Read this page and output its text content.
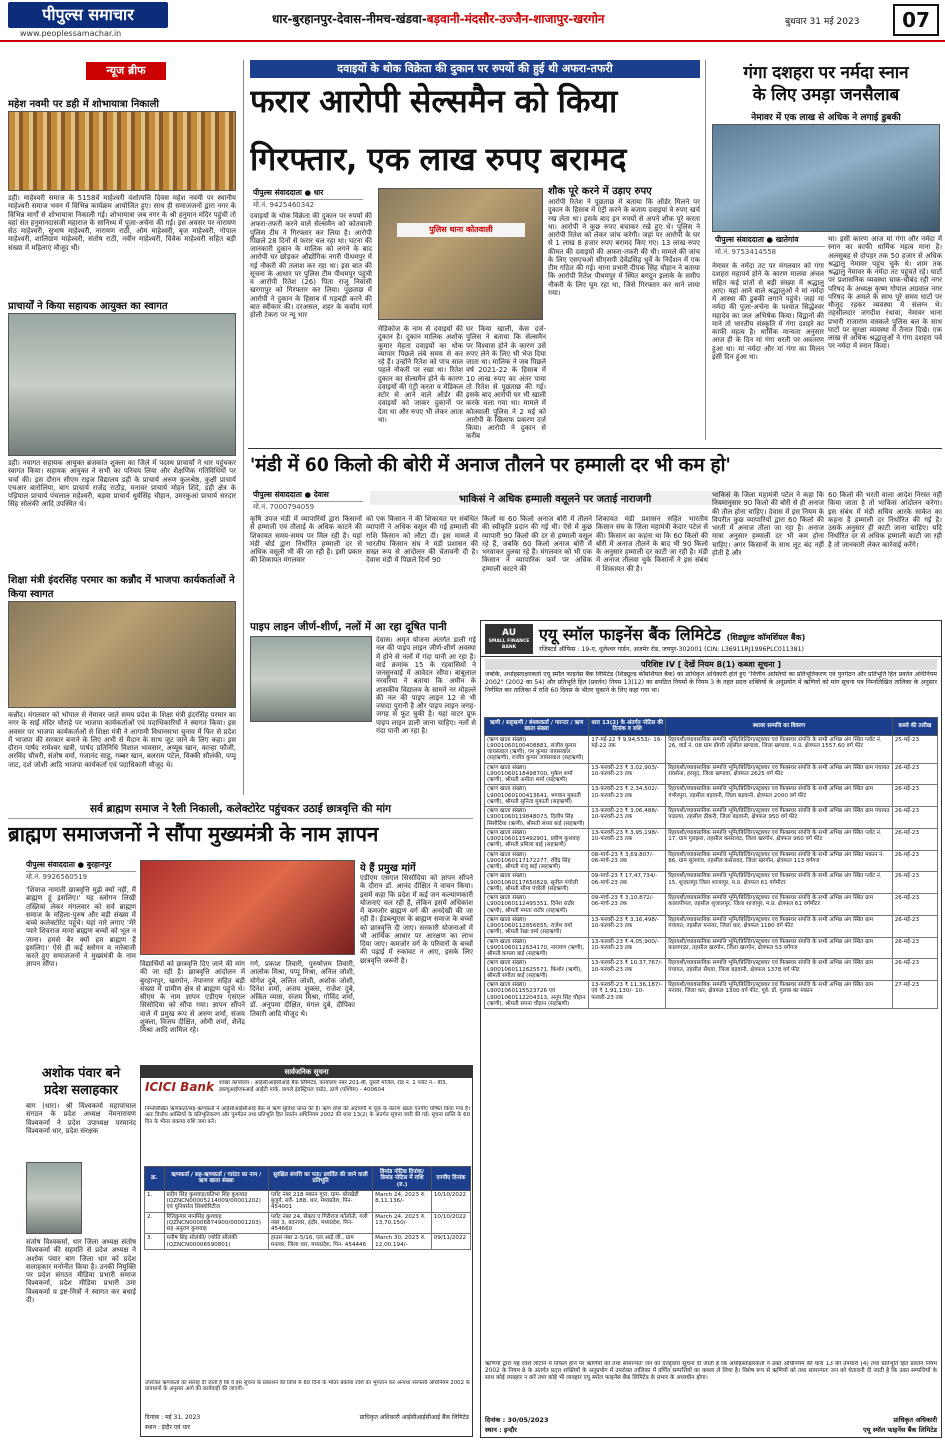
पीपुल्स समाचार
www.peoplessamachar.in
धार-बुरहानपुर-देवास-नीमच-खंडवा-बड़वानी-मंदसौर-उज्जैन-शाजापुर-खरगोन	बुधवार 31 मई 2023	07
न्यूज ब्रीफ
महेश नवमी पर डही में शोभायात्रा निकाली
डही। माहेश्वरी समाज के 5158वें माहेश्वरी वंशोत्पत्ति दिवस महेश नवमी पर स्थानीय माहेश्वरी समाज भवन में विभिन्न कार्यक्रम आयोजित हुए। साथ ही समाजजनों द्वारा नगर के विभिन्न मार्गों से शोभायात्रा निकाली गई। शोभायात्रा जब नगर के श्री हनुमान मंदिर पहुंची तो वहां संत हनुमानदासजी महाराज के सानिध्य में पूजा-अर्चना की गई। इस अवसर पर नारायण सेठ माहेश्वरी, सुभाष माहेश्वरी, नारायण राठी, ओम माहेश्वरी, बृज माहेश्वरी, गोपाल माहेश्वरी, शालिग्राम माहेश्वरी, संतोष राठी, नवीन माहेश्वरी, विवेक माहेश्वरी सहित बड़ी संख्या में महिलाएं मौजूद थीं।
प्राचार्यों ने किया सहायक आयुक्त का स्वागत
डही। नवागत सहायक आयुक्त ब्रजकांत शुक्ला का जिले में पदस्थ प्राचार्यों ने धार पहुंचकर स्वागत किया। सहायक आयुक्त ने सभी का परिचय लिया और शैक्षणिक गतिविधियों पर चर्चा की। इस दौरान सीएम राइज विद्यालय डही के प्राचार्य अरुण कुलश्रेष्ठ, कुक्षी प्राचार्य एचआर बारोलिया, बाग प्राचार्य राजेंद्र राठौड़, मनावर प्राचार्य मोहन शिंदे, डही क्षेत्र के पड़ियाल प्राचार्य पंचलाल महेश्वरी, बड़वा प्राचार्य धुर्वसिंह चौहान, उमरकुआं प्राचार्य सरदार सिंह सोलंकी आदि उपस्थित थे।
शिक्षा मंत्री इंदरसिंह परमार का कन्नौद में भाजपा कार्यकर्ताओं ने किया स्वागत
कन्नौद। मंगलवार को भोपाल से नेमावर जाते समय प्रदेश के शिक्षा मंत्री इंदरसिंह परमार का नगर के साईं मंदिर चौराहे पर भाजपा कार्यकर्ताओं एवं पदाधिकारियों ने स्वागत किया। इस अवसर पर भाजपा कार्यकर्ताओं से शिक्षा मंत्री ने आगामी विधानसभा चुनाव में फिर से प्रदेश में भाजपा की सरकार बनाने के लिए अभी से मैदान के साथ जुट जाने के लिए कहा। इस दौरान पार्षद रामेश्वर खत्री, पार्षद प्रतिनिधि विशाल भावसार, अय्यूब खान, कान्हा फौजी, अरविंद चौधरी, संतोष वर्मा, गजानंद साहू, गब्बर खान, बलराम पटेल, विक्की सौलंकी, पप्पू जाट, दर्श जोशी आदि भाजपा कार्यकर्ता एवं पदाधिकारी मौजूद थे।
दवाइयों के थोक विक्रेता की दुकान पर रुपयों की हुई थी अफरा-तफरी
फरार आरोपी सेल्समैन को किया
गिरफ्तार, एक लाख रुपए बरामद
पीपुल्स संवाददाता ● धार
मो.नं. 9425460342
पुलिस थाना कोतवाली
दवाइयों के थोक विक्रेता की दुकान पर रुपयों की अफरा-तफरी करने वाले सेल्समैन को कोतवाली पुलिस टीम ने गिरफ्तार कर लिया है। आरोपी पिछले 28 दिनों से फरार चल रहा था। घटना की जानकारी दुकान के मालिक को लगने के बाद आरोपी घर छोड़कर औद्योगिक नगरी पीथमपुर में गई नौकरी की तलाश कर रहा था। इस बात की सूचना के आधार पर पुलिस टीम पीथमपुर पहुंची व आरोपी रितेश (26) पिता राजू निवासी खरगापुर को गिरफ्तार कर लिया। पूछताछ में आरोपी ने दुकान के हिसाब में गड़बड़ी करने की बात स्वीकार की। दरअसल, शहर के कर्वाय मार्ग होली टेकरा पर न्यू भार
मेडिकोज के नाम से दवाइयों की दुकान है। दुकान मालिक अशोक कुमार मेहता दवाइयों का थोक व्यापार पिछले लंबे समय से कर रहे हैं। उन्होंने रितेश को पांच साल पहले नौकरी पर रखा था। रितेश दुकान का सेल्समैन होने के कारण दवाइयों की एंट्री करता व मेडिकल स्टोर से आने वाले ऑर्डर की दवाइयों को जाकर दुकानों पर देता था और रुपए भी लेकर आता था।
घर किया खाली, केस दर्ज- पुलिस ने बताया कि सेल्समैन पर विश्वास होने के कारण उसे रुपए लेने के लिए भी भेज दिया जाता था। मालिक ने जब पिछले वर्ष 2021-22 के हिसाब में 10 लाख रुपए का अंतर पाया तो रितेश से पूछताछ की गई। इसके बाद आरोपी घर भी खाली करके चला गया था। मामले में कोतवाली पुलिस ने 2 मई को आरोपी के खिलाफ प्रकरण दर्ज किया। आरोपी ने दुकान से करीब
शौक पूरे करने में उड़ाए रुपए
आरोपी रितेश ने पूछताछ में बताया कि ऑर्डर मिलने पर दुकान के हिसाब में एंट्री करने के बजाय दवाइयां वे रुपए खर्च रख लेता था। इसके बाद इन रुपयों से अपने शौक पूरे करता था। आरोपी ने कुछ रुपए बचाकर रखे हुए थे। पुलिस ने आरोपी रितेश को लेकर जांच करेगी। जहां पर आरोपी के घर से 1 लाख 8 हजार रुपए बरामद किए गए। 13 लाख रुपए कीमत की दवाइयों की अफरा-तफरी की थी। मामले की जांच के लिए एसएचओ सीएसपी देवेंद्रसिंह धुर्वे के निर्देशन में एक टीम गठित की गई। थाना प्रभारी दीपक सिंह चौहान ने बताया कि आरोपी रितेश पीथमपुर में स्थित बगदून इलाके के समीप नौकरी के लिए घूम रहा था, जिसे गिरफ्तार कर थाने लाया गया।
गंगा दशहरा पर नर्मदा स्नान
के लिए उमड़ा जनसैलाब
नेमावर में एक लाख से अधिक ने लगाई डुबकी
पीपुल्स संवाददाता ● खातेगांव
मो.नं. 9753414558
नेमावर के नर्मदा तट पर मंगलवार को गंगा दशहरा महापर्व होने के कारण मालवा अंचल सहित कई प्रांतों से बड़ी संख्या में श्रद्धालु आए। यहां आने वाले श्रद्धालुओं ने मां नर्मदा में आस्था की डुबकी लगाने पहुंचे। जहां मां नर्मदा की पूजा-अर्चना के पश्चात सिद्धेश्वर महादेव का जल अभिषेक किया। विद्वानों की माने तो भारतीय संस्कृति में गंगा दशहरे का काफी महत्व है। धार्मिक मान्यता अनुसार आज ही के दिन मां गंगा धरती पर अवतरण हुआ था। मां नर्मदा और मां गंगा का मिलन इसी दिन हुआ था।
था। इसी कारण आज मां गंगा और नर्मदा में स्नान का काफी धार्मिक महत्व माना है। अलसुबह से दोपहर तक 50 हजार से अधिक श्रद्धालु नेमावर पहुंच चुके थे। शाम तक श्रद्धालु नेमावर के नर्मदा तट पहुंचते रहे। घाटों पर प्रशासनिक व्यवस्था चाक-चौबंद रही नगर परिषद के अध्यक्ष कृष्ण गोपाल अग्रवाल नगर परिषद के अमले के साथ पूरे समय घाटों पर मौजूद रहकर व्यवस्था में संलग्न थे। तहसीलदार जगदीश रंधावा, नेमावर थाना प्रभारी राजाराम वास्कले पुलिस बल के साथ घाटों पर सुरक्षा व्यवस्था में तैनात दिखे। एक लाख से अधिक श्रद्धालुओं ने गंगा दशहरा पर्व पर नर्मदा में स्नान किया।
'मंडी में 60 किलो की बोरी में अनाज तौलने पर हम्माली दर भी कम हो'
पीपुल्स संवाददाता ● देवास
मो.नं. 7000794059
भाकिसं ने अधिक हम्माली वसूलने पर जताई नाराजगी
कृषि उपज मंडी में व्यापारियों द्वारा किसानों से हम्माली एवं तौलाई के अधिक काटने की शिकायत समय-समय पर मिल रही है। यहां मंडी बोर्ड द्वारा निर्धारित हम्माली दर से अधिक वसूली भी की जा रही है। इसी प्रकार की शिकायत मंगलवार
को एक किसान ने की शिकायत पर संबंधित व्यापारी ने अधिक वसूल की गई हम्माली की राशि किसान को लौटा दी। इस मामले में भारतीय किसान संघ ने मंडी प्रशासन की सख्त रूप से आंदोलन की चेतावनी दी है। देवास मंडी में पिछले दिनों 90
किलो या 60 किलो अनाज बोरी में तौलने की स्वीकृति प्रदान की गई थी। ऐसे में कुछ व्यापारी 90 किलो की दर से हम्माली वसूल रहे हैं, जबकि 60 किलो अनाज बोरी में भरवाकर तुलवा रहे हैं। मंगलवार को भी एक किसान ने व्यापारिक फर्म पर अधिक हम्माली काटने की
शिकायत मंडी प्रशासन सहित भारतीय किसान संघ के जिला महामंत्री केदार पटेल से की। किसान का कहना था कि 60 किलो की बोरी में अनाज तौलने के बाद भी 90 किलो के अनुसार हम्माली दर काटी जा रही है। मंडी में अनाज तौलवा चुके किसानों ने इस संबंध में शिकायत की है।
भाकिसं के जिला महामंत्री पटेल ने कहा कि नियमानुसार 90 किलो की बोरी से ही अनाज की तौल होना चाहिए। देवास में इस नियम के विपरीत कुछ व्यापारियों द्वारा 60 किलो की भरती में अनाज तौला जा रहा है। अनाज मात्रा अनुसार हम्माली दर भी कम होना चाहिए। अगर किसानों के साथ लूट बंद नहीं होती है और
60 किलो की भरती वाला आदेश निरस्त नहीं किया जाता है तो भाकिसं आंदोलन करेगा। इस संबंध में मंडी सचिव आरके साकेत का कहना है हम्माली दर निर्धारित की गई है। उसके अनुसार ही काटी जाना चाहिए। यदि निर्धारित दर से अधिक हम्माली काटी जा रही है तो जानकारी लेकर कार्रवाई करेंगे।
पाइप लाइन जीर्ण-शीर्ण, नलों में आ रहा दूषित पानी
देवास। अमृत योजना अंतर्गत डाली गई नल की पाइप लाइन जीर्ण-शीर्ण अवस्था में होने से नलों में गंदा पानी आ रहा है। वार्ड क्रमांक 15 के रहवासियों ने जनसुनवाई में आवेदन सौंपा। बाबूलाल नरवरिया ने बताया कि अमीन के शासकीय विद्यालय के सामने नर मोहल्ले की नल की पाइप लाइन 12 से भी ज्यादा पुरानी है और पाइप लाइन जगह-जगह से फूट चुकी है। यहां वाटर प्रूफ पाइप लाइन डाली जाना चाहिए। नलों से गंदा पानी आ रहा है।
AU
SMALL FINANCE BANK
एयू स्मॉल फाइनेंस बैंक लिमिटेड (शिड्यूल्ड कॉमर्शियल बैंक)
रजिस्टर्ड ऑफिस : 19-ए, धूलेश्वर गार्डन, अजमेर रोड, जयपुर-302001 (CIN: L36911RJ1996PLC011381)
परिशिष्ट IV [ देखें नियम 8(1) कब्जा सूचना ]
जबकि, अधोहस्ताक्षरकर्ता एयू स्मॉल फाइनेंस बैंक लिमिटेड (शिड्यूल्ड कॉमर्शियल बैंक) का प्राधिकृत अधिकारी होते हुए "वित्तीय आस्तियों का प्रतिभूतिकरण एवं पुनर्गठन और प्रतिभूति हित प्रवर्तन अधिनियम 2002" (2002 का 54) और प्रतिभूति हित (प्रवर्तन) नियम 13(12) का सपठित नियमों के नियम 3 के तहत प्रदत्त शक्तियों के अनुप्रयोग में ऋणियों को मांग सूचना पत्र निम्नलिखित तालिका के अनुसार निर्गमित कर तालिका में राशि 60 दिवस के भीतर चुकाने के लिए कहा गया था।
ऋणी / सह्ऋणी / बंधककर्ता / गारन्टर / ऋण खाता संख्या	धारा 13(2) के अंतर्गत नोटिस की दिनांक व राशि	स्थावर सम्पत्ति का विवरण	कब्जे की तारीख
(ऋण खाता संख्या) L9001060100408881, संजीव कुमार जायसवाल (ऋणी), एम कुमार जायसवाल (सहऋणी), राजीव कुमार जायसवाल (सहऋणी)	17-मई-22 ₹ 9,94,553/- 16-मई-22 तक	रिहायशी/व्यावसायिक सम्पत्ति भूमि/बिल्डिंग/स्ट्रक्चर एवं फिक्स्चर संपत्ति के सभी अभिन्न अंग स्थित प्लॉट नं. 26, वार्ड नं. 08 ग्राम डोंगरी तहसील खण्डवा, जिला खण्डवा, म.प्र. क्षेत्रफल 1557.60 वर्ग फीट	25-मई-23
(ऋण खाता संख्या) L9001060118498700, मुकेश शर्मा (ऋणी), श्रीमती अनीता शर्मा (सहऋणी)	13-फरवरी-23 ₹ 3,02,903/- 10-फरवरी-23 तक	रिहायशी/व्यावसायिक सम्पत्ति भूमि/बिल्डिंग/स्ट्रक्चर एवं फिक्स्चर संपत्ति के सभी अभिन्न अंग स्थित ग्राम पंचायत रायसेना, हरसूद, जिला खण्डवा, क्षेत्रफल 2625 वर्ग फीट	26-मई-23
(ऋण खाता संख्या) L9001060100413641, भगवान मुकाती (ऋणी), श्रीमती सुनिता मुकाती (सहऋणी)	13-फरवरी-23 ₹ 2,34,502/- 10-फरवरी-23 तक	रिहायशी/व्यावसायिक सम्पत्ति भूमि/बिल्डिंग/स्ट्रक्चर एवं फिक्स्चर संपत्ति के सभी अभिन्न अंग स्थित ग्राम गंभीरपुरा, तहसील बड़वानी, जिला बड़वानी, क्षेत्रफल 2000 वर्ग फीट	26-मई-23
(ऋण खाता संख्या) L9001060119848073, दिलीप सिंह सिसौदिया (ऋणी), श्रीमती संध्या बाई (सहऋणी)	13-फरवरी-23 ₹ 3,06,488/- 10-फरवरी-23 तक	रिहायशी/व्यावसायिक सम्पत्ति भूमि/बिल्डिंग/स्ट्रक्चर एवं फिक्स्चर संपत्ति के सभी अभिन्न अंग स्थित ग्राम पंचायत पाडल्या, तहसील ठीकरी, जिला बड़वानी, क्षेत्रफल 950 वर्ग फीट	26-मई-23
(ऋण खाता संख्या) L9001060115492901, प्रवीण कुशवाह (ऋणी), श्रीमती प्रमिला बाई (सहऋणी)	13-फरवरी-23 ₹ 3,95,198/- 10-फरवरी-23 तक	रिहायशी/व्यावसायिक सम्पत्ति भूमि/बिल्डिंग/स्ट्रक्चर एवं फिक्स्चर संपत्ति के सभी अभिन्न अंग स्थित प्लॉट नं. 17, ग्राम गुलझरा, तहसील कसरावद, जिला खरगोन, क्षेत्रफल 960 वर्ग फीट	26-मई-23
(ऋण खाता संख्या) L9001060117172277, रविंद्र सिंह (ऋणी), श्रीमती मंजू बाई (सहऋणी)	08-मार्च-23 ₹ 3,69,807/- 06-मार्च-23 तक	रिहायशी/व्यावसायिक सम्पत्ति भूमि/बिल्डिंग/स्ट्रक्चर एवं फिक्स्चर संपत्ति के सभी अभिन्न अंग स्थित मकान नं. 86, ग्राम सुलगांव, तहसील कसरावद, जिला खरगोन, क्षेत्रफल 113 वर्गगज	26-मई-23
(ऋण खाता संख्या) L9001060117650829, सुनील पंचोली (ऋणी), श्रीमती सीमा पंचोली (सहऋणी)	09-मार्च-23 ₹ 17,47,734/- 06-मार्च-23 तक	रिहायशी/व्यावसायिक सम्पत्ति भूमि/बिल्डिंग/स्ट्रक्चर एवं फिक्स्चर संपत्ति के सभी अभिन्न अंग स्थित प्लॉट नं. 15, शुजालपुर जिला शाजापुर, म.प्र. क्षेत्रफल 61 वर्गमीटर	26-मई-23
(ऋण खाता संख्या) L9001060112495351, दिनेश राठौर (ऋणी), श्रीमती ममता राठौर (सहऋणी)	09-मार्च-23 ₹ 3,10,872/- 06-मार्च-23 तक	रिहायशी/व्यावसायिक सम्पत्ति भूमि/बिल्डिंग/स्ट्रक्चर एवं फिक्स्चर संपत्ति के सभी अभिन्न अंग स्थित ग्राम कालापीपल, तहसील शुजालपुर, जिला शाजापुर, म.प्र. क्षेत्रफल 61 वर्गमीटर	26-मई-23
(ऋण खाता संख्या) L9001060112856655, राजेश वर्मा (ऋणी), श्रीमती रेखा वर्मा (सहऋणी)	13-फरवरी-23 ₹ 3,16,498/- 10-फरवरी-23 तक	रिहायशी/व्यावसायिक सम्पत्ति भूमि/बिल्डिंग/स्ट्रक्चर एवं फिक्स्चर संपत्ति के सभी अभिन्न अंग स्थित ग्राम पंचायत, तहसील मनावर, जिला धार, क्षेत्रफल 1180 वर्ग फीट	26-मई-23
(ऋण खाता संख्या) L9001060112634170, नारायण (ऋणी), श्रीमती कमला बाई (सहऋणी)	13-फरवरी-23 ₹ 4,05,900/- 10-फरवरी-23 तक	रिहायशी/व्यावसायिक सम्पत्ति भूमि/बिल्डिंग/स्ट्रक्चर एवं फिक्स्चर संपत्ति के सभी अभिन्न अंग स्थित ग्राम कालापाठा, तहसील खरगोन, जिला खरगोन, क्षेत्रफल 53 वर्गगज	26-मई-23
(ऋण खाता संख्या) L9001060112625571, किशोर (ऋणी), श्रीमती संगीता बाई (सहऋणी)	13-फरवरी-23 ₹ 10,37,767/- 10-फरवरी-23 तक	रिहायशी/व्यावसायिक सम्पत्ति भूमि/बिल्डिंग/स्ट्रक्चर एवं फिक्स्चर संपत्ति के सभी अभिन्न अंग स्थित ग्राम पंचायत, तहसील सेंधवा, जिला बड़वानी, क्षेत्रफल 1378 वर्ग फीट	26-मई-23
(ऋण खाता संख्या) L9001060115523726 एवं L9001060112204313, अनूप सिंह चौहान (ऋणी), श्रीमती सपना चौहान (सहऋणी)	13-फरवरी-23 ₹ 11,36,187/- एवं ₹ 1,91,130/- 10-फरवरी-23 तक	रिहायशी/व्यावसायिक सम्पत्ति भूमि/बिल्डिंग/स्ट्रक्चर एवं फिक्स्चर संपत्ति के सभी अभिन्न अंग स्थित ग्राम मनावर, जिला धार, क्षेत्रफल 1300 वर्ग फीट, पूर्व: डॉ. गुलाब का मकान	27-मई-23
ऋणियों द्वारा यह राशि लौटाने में विफल होने पर ऋणियों को तथा सामान्यतः जन को एतद्द्वारा सूचना दी जाती है कि अधोहस्ताक्षरकर्ता ने उक्त अधिनियम की धारा 13 की उपधारा (4) तथा प्रतिभूति हित प्रवर्तन नियम 2002 के नियम 8 के अंतर्गत प्रदत्त शक्तियों के अनुप्रयोग में उपरोक्त तालिका में वर्णित सम्पत्तियों का कब्जा ले लिया है। विशेष रूप से ऋणियों को तथा सामान्यतः जन को चेतावनी दी जाती है कि उक्त सम्पत्तियों के साथ कोई व्यवहार न करें तथा कोई भी व्यवहार एयू स्मॉल फाइनेंस बैंक लिमिटेड के प्रभार के अध्यधीन होगा।
दिनांक : 30/05/2023
स्थान : इन्दौर
प्राधिकृत अधिकारी
एयू स्मॉल फाइनेंस बैंक लिमिटेड
सर्व ब्राह्मण समाज ने रैली निकाली, कलेक्टोरेट पहुंचकर उठाई छात्रवृत्ति की मांग
ब्राह्मण समाजजनों ने सौंपा मुख्यमंत्री के नाम ज्ञापन
पीपुल्स संवाददाता ● बुरहानपुर
मो.नं. 9926560519
'शिवाज नामाती छात्रवृत्ति मुझे क्यों नहीं, मैं ब्राह्मण हूं इसलिए।' यह स्लोगन लिखी तख्तियां लेकर मंगलवार को सर्व ब्राह्मण समाज के महिला-पुरुष और बड़ी संख्या में बच्चे कलेक्टोरेट पहुंचे। यहां नारे लगाए 'मेरे प्यारे शिवराज मामा ब्राह्मण बच्चों को भूल न जाना। हमसे बैर क्यों हम ब्राह्मण हैं इसलिए।' ऐसे ही कई स्लोगन व नारेबाजी करते हुए समाजजनों ने मुख्यमंत्री के नाम ज्ञापन सौंपा।	विद्यार्थियों को छात्रवृत्ति दिए जाने की मांग की जा रही है। छात्रवृत्ति आंदोलन में बुरहानपुर, खरगोन, नेपानगर सहित बड़ी संख्या में ग्रामीण क्षेत्र से ब्राह्मण पहुंचे थे। सीएम के नाम ज्ञापन एडीएम एसएल सिसोदिया को सौंपा गया। ज्ञापन सौंपने वाले में प्रमुख रूप से अरुण शर्मा, संजय शुक्ला, विजय दीक्षित, ओमी शर्मा, शैलेंद्र मिश्रा आदि शामिल रहे।
गर्ग, प्रकाश तिवारी, पुरुषोत्तम तिवारी, आलोक मिश्रा, पप्पू मिश्रा, अनिल जोशी, योगेश दुबे, ललित जोशी, अशोक जोशी, दिनेश शर्मा, अजय शुक्ला, राजेश दुबे, अंकित व्यास, संजय मिश्रा, गोविंद शर्मा, डॉ. अनूपमा दीक्षित, मंगल दुबे, दीपिका तिवारी आदि मौजूद थे।
ये हैं प्रमुख मांगें
एडीएम एसएल सिसोदिया को ज्ञापन सौंपने के दौरान डॉ. आनंद दीक्षित ने वाचन किया। इसमें कहा कि प्रदेश में कई जन कल्याणकारी योजनाएं चल रही हैं, लेकिन इसमें अधिकांश में कमजोर ब्राह्मण वर्ग की अनदेखी की जा रही है। ईडब्ल्यूएस के ब्राह्मण समाज के बच्चों को छात्रवृत्ति दी जाए। सरकारी योजनाओं में भी आर्थिक आधार पर आरक्षण का लाभ दिया जाए। कमजोर वर्ग के परिवारों के बच्चों की पढ़ाई में रुकावट न आए, इसके लिए छात्रवृत्ति जरूरी है।
अशोक पंवार बने
प्रदेश सलाहकार
बाग (धार)। श्री विश्वकर्मा महापांचाल संगठन के प्रदेश अध्यक्ष नेमनारायण विश्वकर्मा ने प्रदेश उपाध्यक्ष परमानंद विश्वकर्मा धार, प्रदेश संरक्षक
संतोष विश्वकर्मा, धार जिला अध्यक्ष संतोष विश्वकर्मा की सहमति से प्रदेश अध्यक्ष ने अशोक पंवार बाग जिला धार को प्रदेश सलाहकार मनोनीत किया है। उनकी नियुक्ति पर प्रदेश संगठन मीडिया प्रभारी समाज विश्वकर्मा, प्रदेश मीडिया प्रभारी उमा विश्वकर्मा व इष्ट-मित्रों ने स्वागत कर बधाई दी।
सार्वजनिक सूचना
ICICI Bank शाखा कार्यालय : आईसीआईसीआई बैंक लिमिटेड, कार्यालय नंबर 201-बी, दूसरी मंजिल, रोड नं. 1 प्लॉट नं.- बी3, डब्ल्यूआईएफआई आईटी पार्क, वागले इंडस्ट्रियल एस्टेट, ठाणे (पश्चिम) - 400604
निम्नलिखित ऋणकर्ता/सह-ऋणकर्ता ने आईसीआईसीआई बैंक से ऋण सुविधा प्राप्त की है। ऋण राशि की अदायगी में चूक के कारण खाता एनपीए घोषित किया गया है। अतः वित्तीय आस्तियों के प्रतिभूतिकरण और पुनर्गठन तथा प्रतिभूति हित प्रवर्तन अधिनियम 2002 की धारा 13(2) के अंतर्गत सूचना जारी की गई। सूचना प्राप्ति के 60 दिन के भीतर बकाया राशि जमा करें।
क्र.	ऋणकर्ता / सह-ऋणकर्ता / गारंटर का नाम / ऋण खाता संख्या	सुरक्षित संपत्ति का पता/ प्रवर्तित की जाने वाली प्रतिभूति	डिमांड नोटिस दिनांक/ डिमांड नोटिस में राशि (रु.)	एनपीए दिनांक
1.	प्रदीप सिंह कुशवाह/प्रतिभा सिंह कुशवाह (QZNCN00005214009/00001202) एवं यूनिवर्सल सिक्योरिटीज	प्लॉट नंबर 218 मकान गुप्त, ग्राम- बोरखेडी बुजुर्ग, सर्वे- 188, धार, मध्यप्रदेश, पिन- 454001	March 24, 2023 रु. 8,11,136/-	10/10/2022
2.	रितिकुमार मानसिंह कुशवाह (QZNCN00006874900/00001203) सह अनुराग कुशवाह	प्लॉट नंबर 24, सेक्टर ए गिरीराज कॉलोनी, गली नंबर 3, बदनावर, इंदौर, मध्यप्रदेश, पिन- 454660	March 24, 2023 रु. 13,70,150/-	10/10/2022
3.	मनीष सिंह सोलंकी/ ज्योति सोलंकी (QZNCN00006590801)	हाउस नंबर 2-5/16, एल.आई.जी., ग्राम मनावर, जिला धार, मध्यप्रदेश, पिन- 454446	March 30, 2023 रु. 12,00,194/-	09/11/2022
उपरोक्त ऋणकर्ता को सलाह दी जाती है कि वे इस सूचना के प्रकाशन की तिथि से 60 दिनों के भीतर बकाया राशि का भुगतान करें अन्यथा सरफेसी अधिनियम 2002 के प्रावधानों के अनुसार आगे की कार्यवाही की जाएगी।
दिनांक : मई 31, 2023
स्थान : इंदौर एवं धार
प्राधिकृत अधिकारी आईसीआईसीआई बैंक लिमिटेड
